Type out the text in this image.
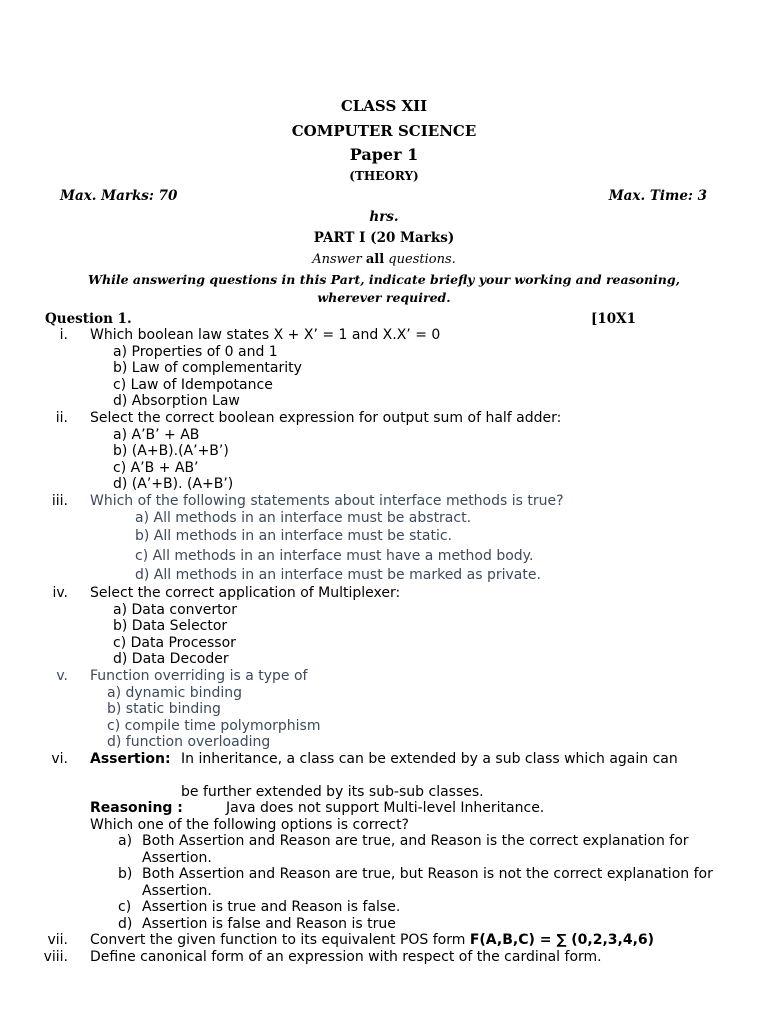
CLASS XII
COMPUTER SCIENCE
Paper 1
(THEORY)
Max. Marks: 70	Max. Time: 3
hrs.
PART I (20 Marks)
Answer all questions.
While answering questions in this Part, indicate briefly your working and reasoning,
wherever required.
Question 1.	[10X1
i. Which boolean law states X + X’ = 1 and X.X’ = 0
a) Properties of 0 and 1
b) Law of complementarity
c) Law of Idempotance
d) Absorption Law
ii. Select the correct boolean expression for output sum of half adder:
a) A’B’ + AB
b) (A+B).(A’+B’)
c) A’B + AB’
d) (A’+B). (A+B’)
iii. Which of the following statements about interface methods is true?
a) All methods in an interface must be abstract.
b) All methods in an interface must be static.
c) All methods in an interface must have a method body.
d) All methods in an interface must be marked as private.
iv. Select the correct application of Multiplexer:
a) Data convertor
b) Data Selector
c) Data Processor
d) Data Decoder
v. Function overriding is a type of
a) dynamic binding
b) static binding
c) compile time polymorphism
d) function overloading
vi. Assertion: In inheritance, a class can be extended by a sub class which again can
be further extended by its sub-sub classes.
Reasoning :	Java does not support Multi-level Inheritance.
Which one of the following options is correct?
a) Both Assertion and Reason are true, and Reason is the correct explanation for
Assertion.
b) Both Assertion and Reason are true, but Reason is not the correct explanation for
Assertion.
c) Assertion is true and Reason is false.
d) Assertion is false and Reason is true
vii. Convert the given function to its equivalent POS form F(A,B,C) = ∑ (0,2,3,4,6)
viii. Define canonical form of an expression with respect of the cardinal form.
